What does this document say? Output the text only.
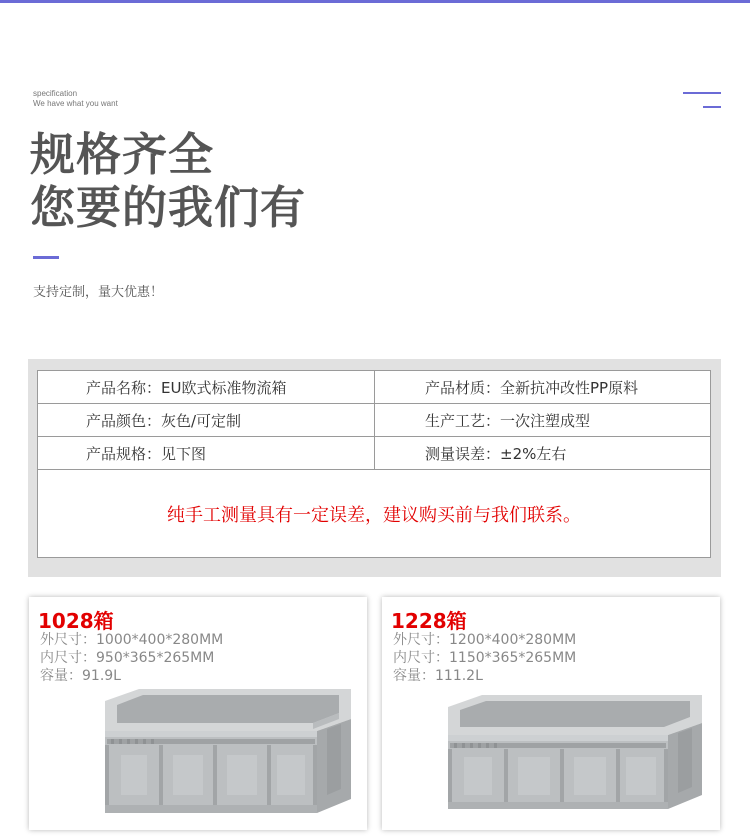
specification
We have what you want
规格齐全
您要的我们有
支持定制，量大优惠！
产品名称：EU欧式标准物流箱	产品材质：全新抗冲改性PP原料
产品颜色：灰色/可定制	生产工艺：一次注塑成型
产品规格：见下图	测量误差：±2%左右
纯手工测量具有一定误差，建议购买前与我们联系。	
1028箱
外尺寸：1000*400*280MM
内尺寸：950*365*265MM
容量：91.9L
1228箱
外尺寸：1200*400*280MM
内尺寸：1150*365*265MM
容量：111.2L
